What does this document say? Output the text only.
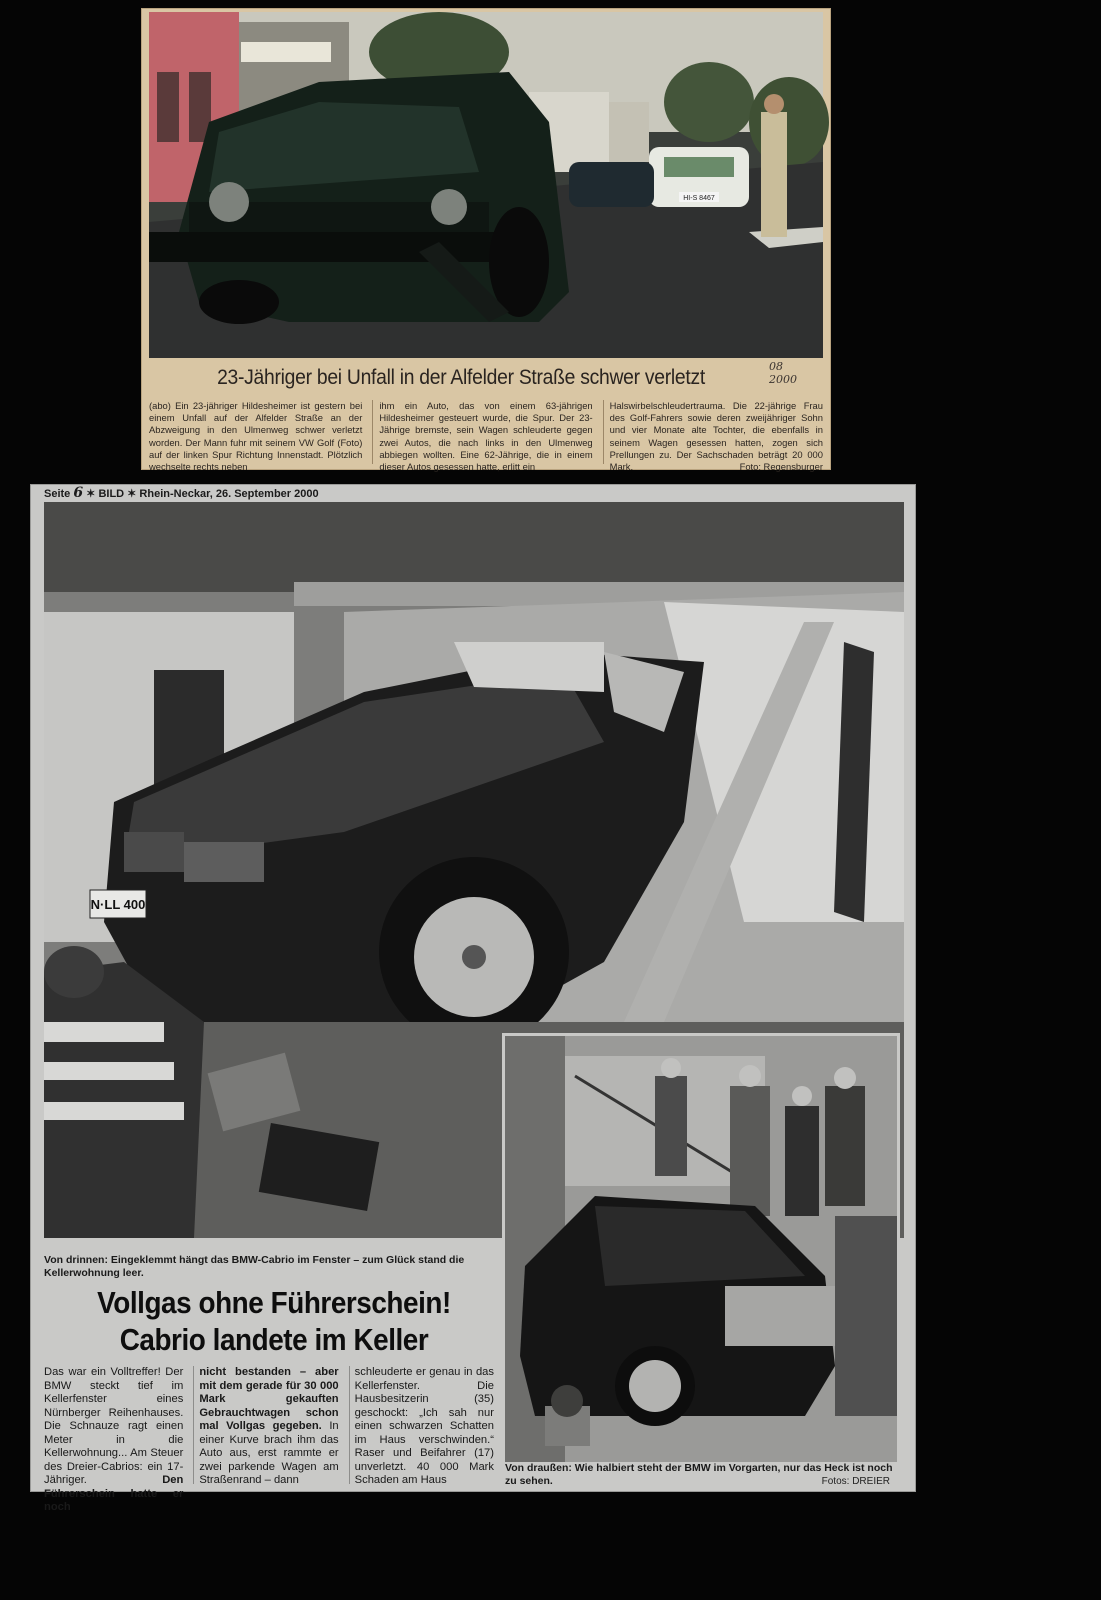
HI-S 8467
23-Jähriger bei Unfall in der Alfelder Straße schwer verletzt	08
2000
(abo) Ein 23-jähriger Hildesheimer ist gestern bei einem Unfall auf der Alfelder Straße an der Abzweigung in den Ulmenweg schwer verletzt worden. Der Mann fuhr mit seinem VW Golf (Foto) auf der linken Spur Richtung Innenstadt. Plötzlich wechselte rechts neben
ihm ein Auto, das von einem 63-jährigen Hildesheimer gesteuert wurde, die Spur. Der 23-Jährige bremste, sein Wagen schleuderte gegen zwei Autos, die nach links in den Ulmenweg abbiegen wollten. Eine 62-Jährige, die in einem dieser Autos gesessen hatte, erlitt ein
Halswirbelschleudertrauma. Die 22-jährige Frau des Golf-Fahrers sowie deren zweijähriger Sohn und vier Monate alte Tochter, die ebenfalls in seinem Wagen gesessen hatten, zogen sich Prellungen zu. Der Sachschaden beträgt 20 000 Mark.	Foto: Regensburger
Seite 6 ✶ BILD ✶ Rhein-Neckar, 26. September 2000
N·LL 400
Von drinnen: Eingeklemmt hängt das BMW-Cabrio im Fenster – zum Glück stand die Kellerwohnung leer.
Vollgas ohne Führerschein!
Cabrio landete im Keller
Das war ein Volltreffer! Der BMW steckt tief im Kellerfenster eines Nürnberger Reihenhauses. Die Schnauze ragt einen Meter in die Kellerwohnung... Am Steuer des Dreier-Cabrios: ein 17-Jähriger.	Den Führerschein hatte er noch
nicht bestanden – aber mit dem gerade für 30 000 Mark gekauften Gebrauchtwagen schon mal Vollgas gegeben. In einer Kurve brach ihm das Auto aus, erst rammte er zwei parkende Wagen am Straßenrand – dann
schleuderte er genau in das Kellerfenster. Die Hausbesitzerin (35) geschockt: „Ich sah nur einen schwarzen Schatten im Haus verschwinden.“ Raser und Beifahrer (17) unverletzt. 40 000 Mark Schaden am Haus
Von draußen: Wie halbiert steht der BMW im Vorgarten, nur das Heck ist noch zu sehen.	Fotos: DREIER
